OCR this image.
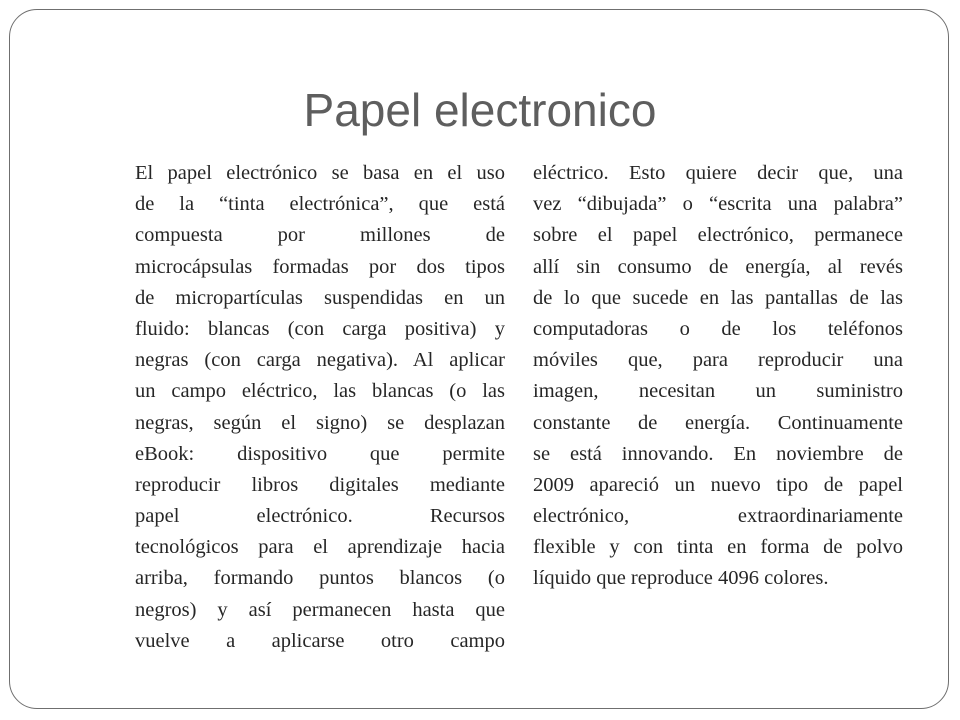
Papel electronico
El papel electrónico se basa en el uso
de la “tinta electrónica”, que está
compuesta por millones de
microcápsulas formadas por dos tipos
de micropartículas suspendidas en un
fluido: blancas (con carga positiva) y
negras (con carga negativa). Al aplicar
un campo eléctrico, las blancas (o las
negras, según el signo) se desplazan
eBook: dispositivo que permite
reproducir libros digitales mediante
papel electrónico. Recursos
tecnológicos para el aprendizaje hacia
arriba, formando puntos blancos (o
negros) y así permanecen hasta que
vuelve a aplicarse otro campo
eléctrico. Esto quiere decir que, una
vez “dibujada” o “escrita una palabra”
sobre el papel electrónico, permanece
allí sin consumo de energía, al revés
de lo que sucede en las pantallas de las
computadoras o de los teléfonos
móviles que, para reproducir una
imagen, necesitan un suministro
constante de energía. Continuamente
se está innovando. En noviembre de
2009 apareció un nuevo tipo de papel
electrónico, extraordinariamente
flexible y con tinta en forma de polvo
líquido que reproduce 4096 colores.
